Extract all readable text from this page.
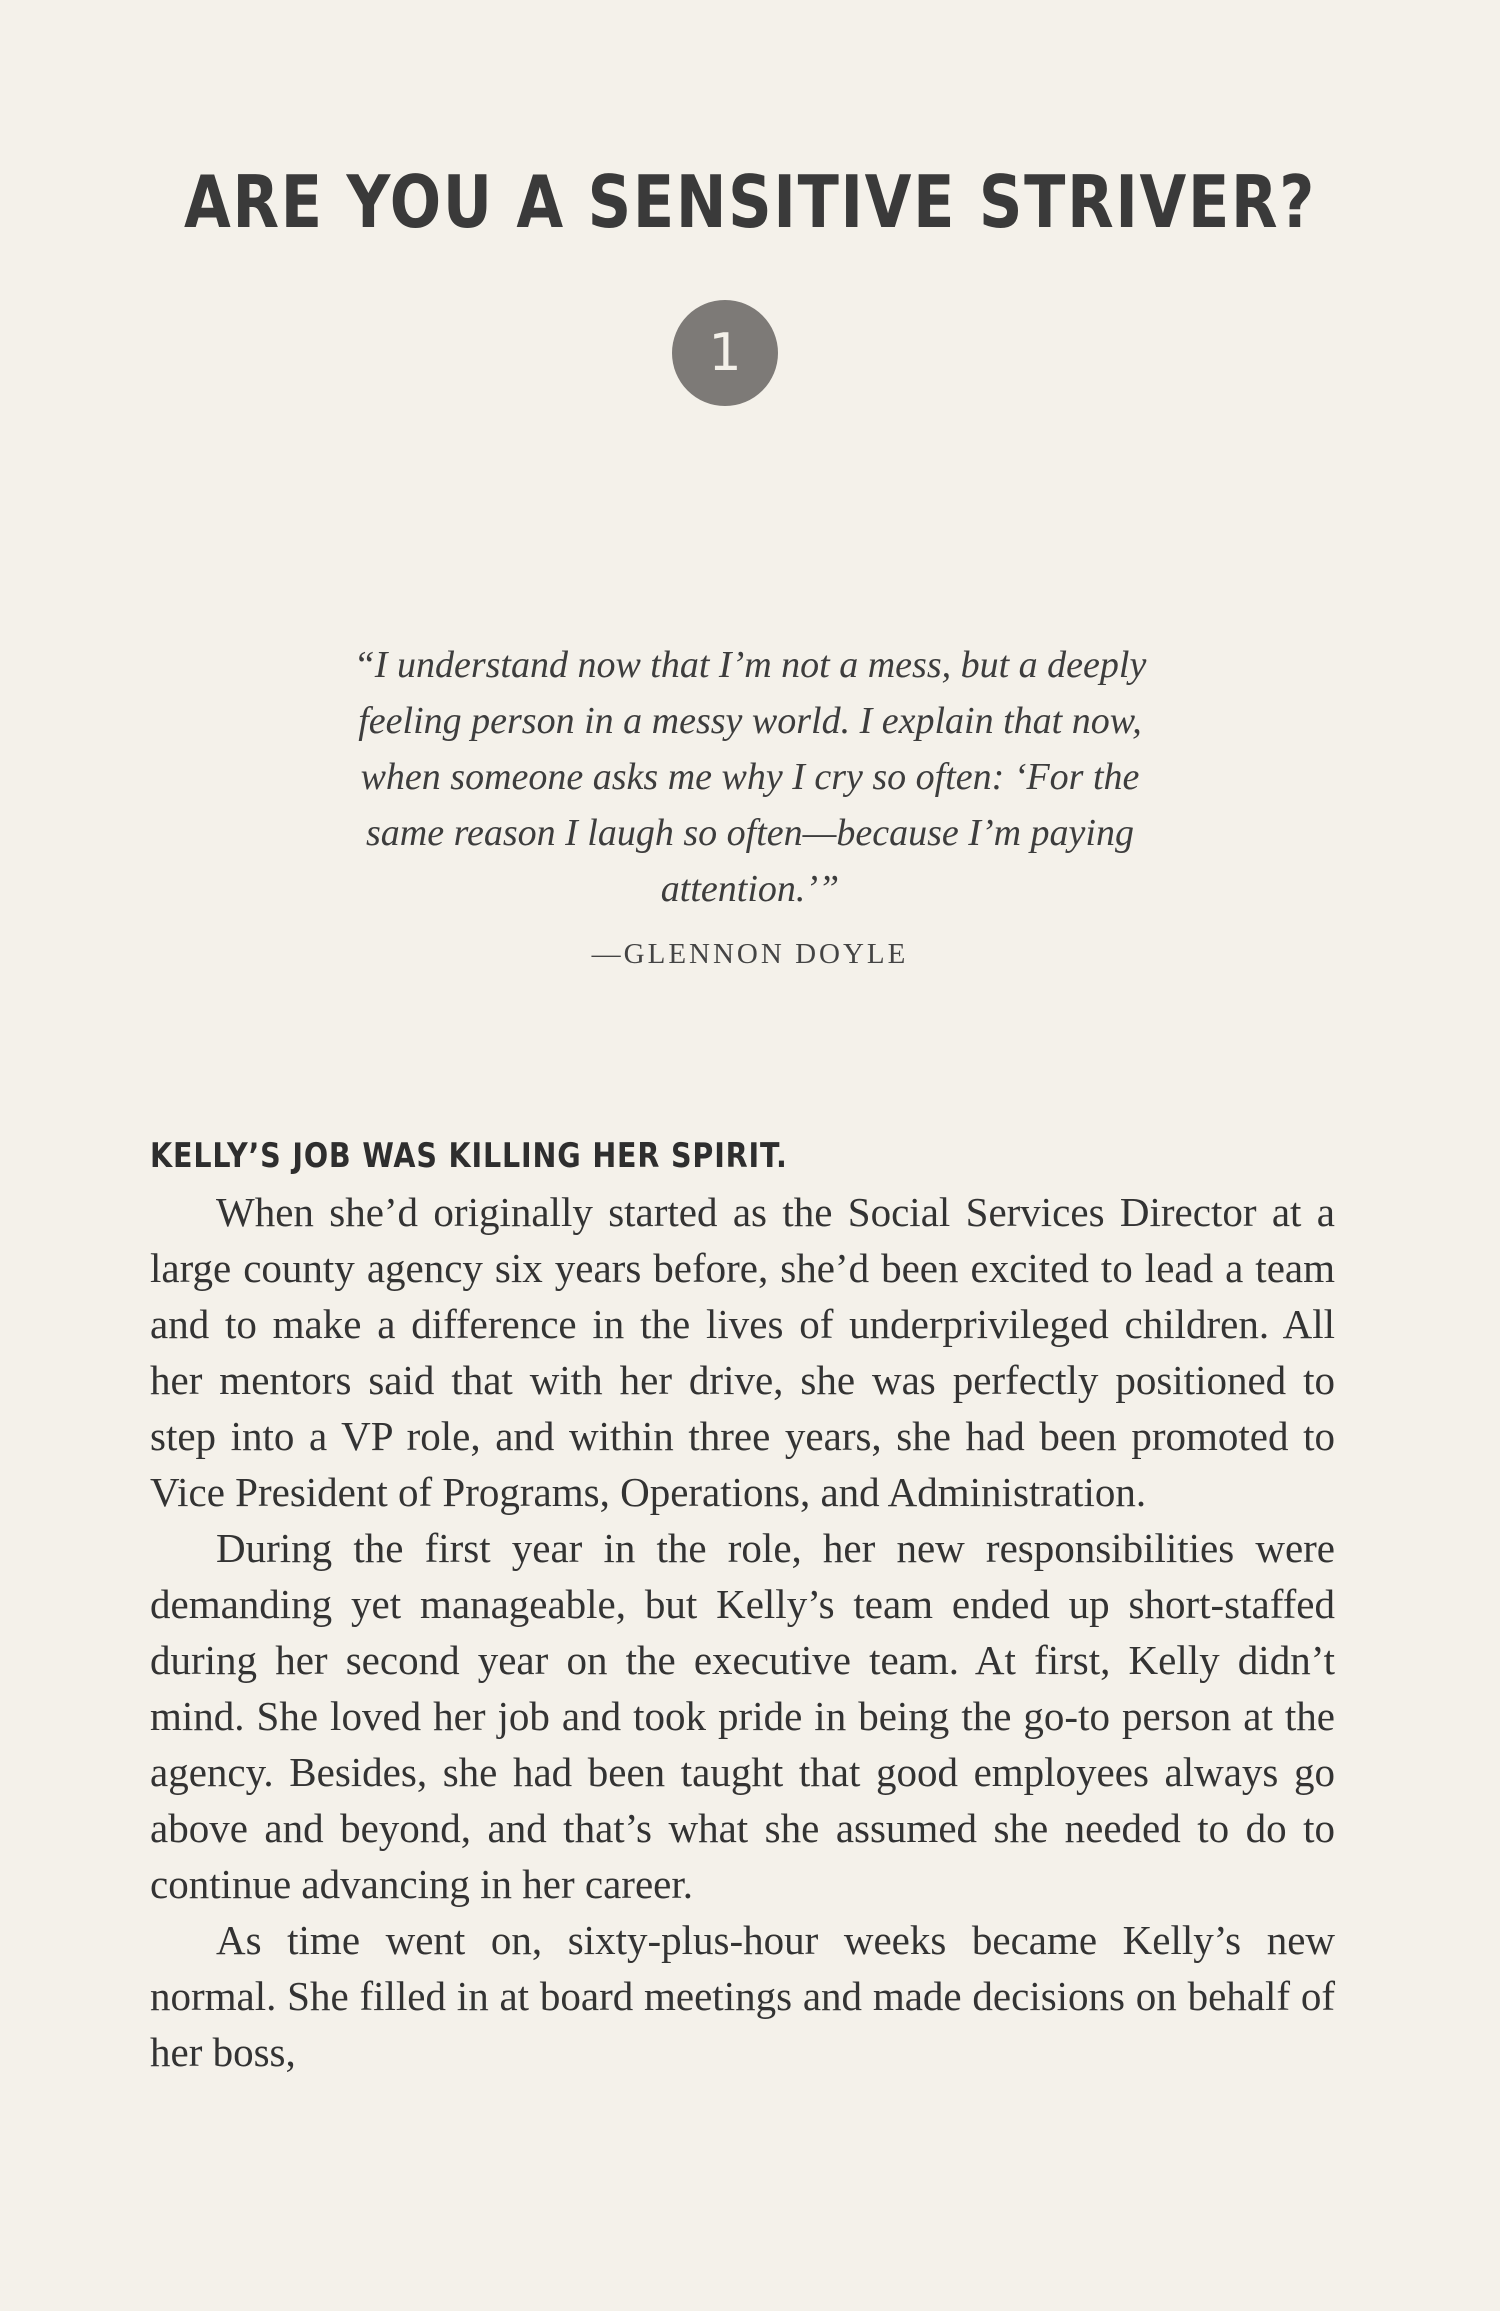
ARE YOU A SENSITIVE STRIVER?
1

“I understand now that I’m not a mess, but a deeply feeling person in a messy world. I explain that now, when someone asks me why I cry so often: ‘For the same reason I laugh so often—because I’m paying attention.’”

—GLENNON DOYLE

KELLY’S JOB WAS KILLING HER SPIRIT.

When she’d originally started as the Social Services Director at a large county agency six years before, she’d been excited to lead a team and to make a difference in the lives of underprivileged children. All her mentors said that with her drive, she was perfectly positioned to step into a VP role, and within three years, she had been promoted to Vice President of Programs, Operations, and Administration.

During the first year in the role, her new responsibilities were demanding yet manageable, but Kelly’s team ended up short-staffed during her second year on the executive team. At first, Kelly didn’t mind. She loved her job and took pride in being the go-to person at the agency. Besides, she had been taught that good employees always go above and beyond, and that’s what she assumed she needed to do to continue advancing in her career.

As time went on, sixty-plus-hour weeks became Kelly’s new normal. She filled in at board meetings and made decisions on behalf of her boss,
